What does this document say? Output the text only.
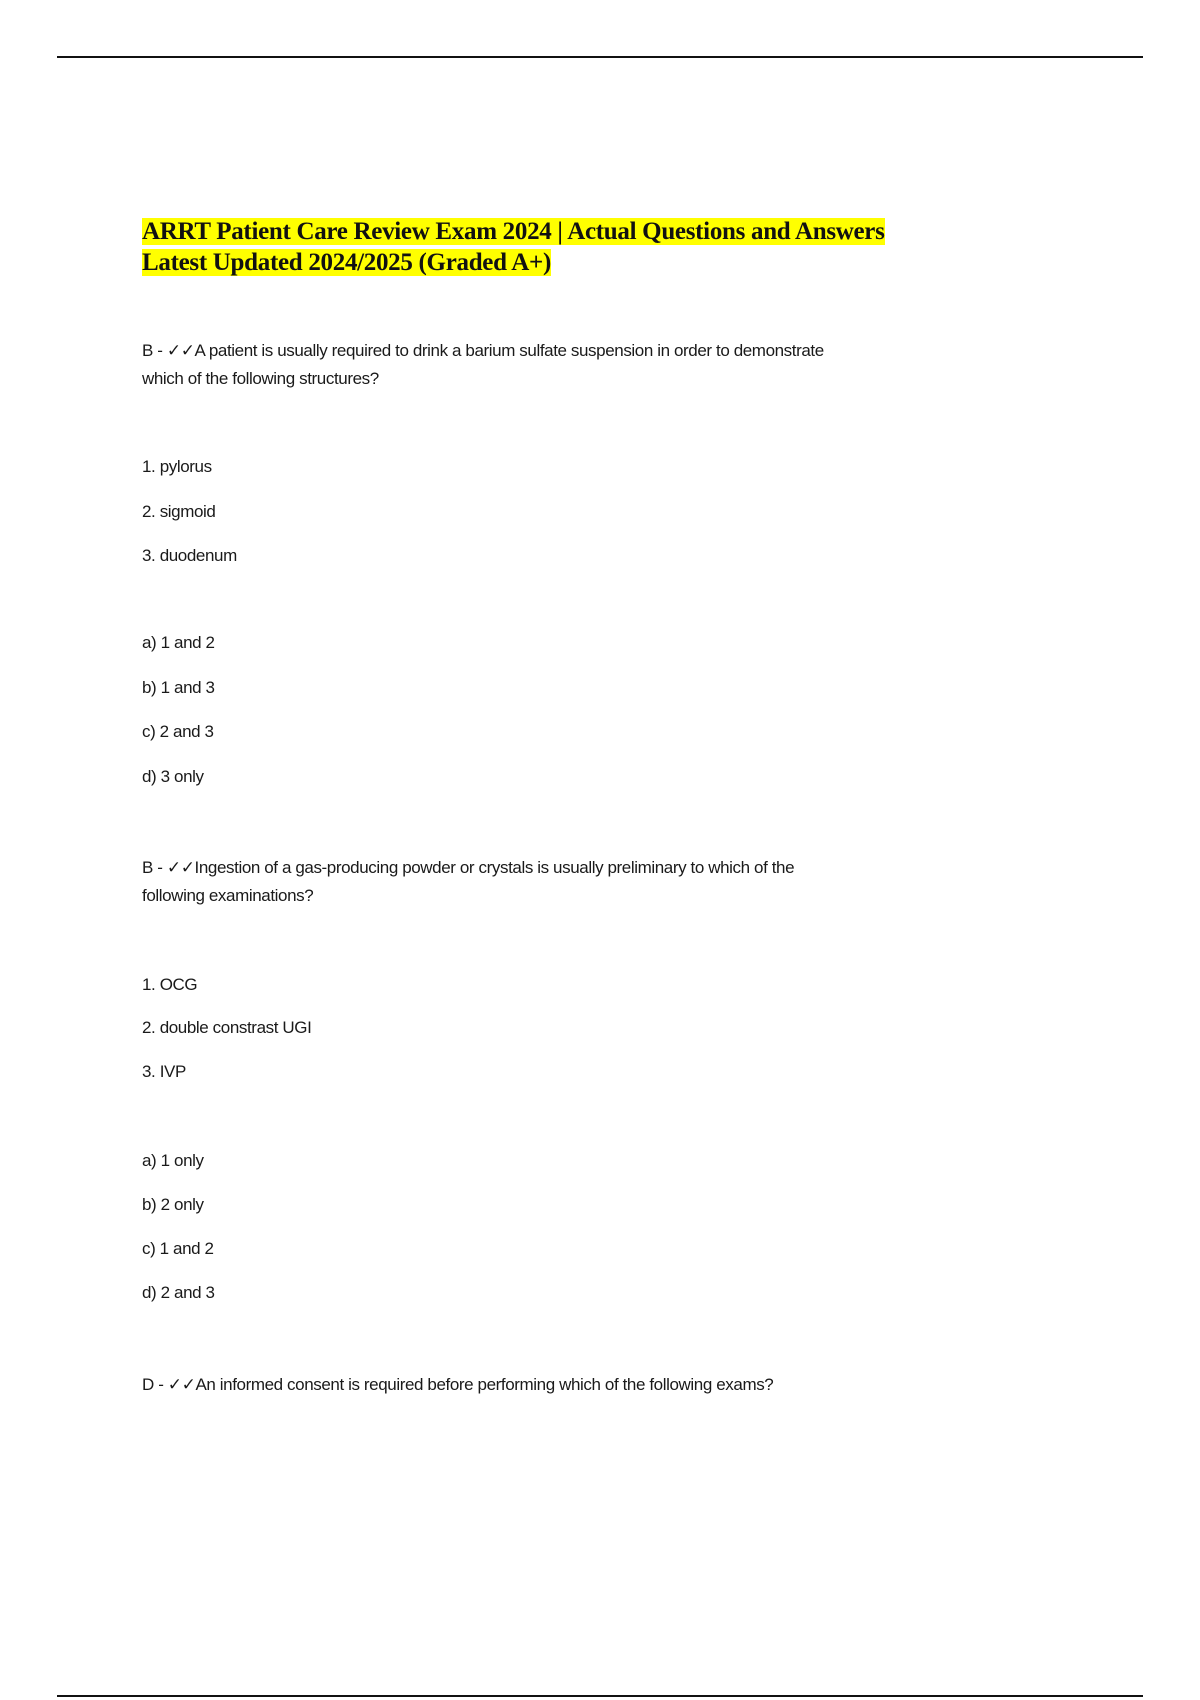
ARRT Patient Care Review Exam 2024 | Actual Questions and Answers
Latest Updated 2024/2025 (Graded A+)
B - ✓✓A patient is usually required to drink a barium sulfate suspension in order to demonstrate
which of the following structures?
1. pylorus
2. sigmoid
3. duodenum
a) 1 and 2
b) 1 and 3
c) 2 and 3
d) 3 only
B - ✓✓Ingestion of a gas-producing powder or crystals is usually preliminary to which of the
following examinations?
1. OCG
2. double constrast UGI
3. IVP
a) 1 only
b) 2 only
c) 1 and 2
d) 2 and 3
D - ✓✓An informed consent is required before performing which of the following exams?
